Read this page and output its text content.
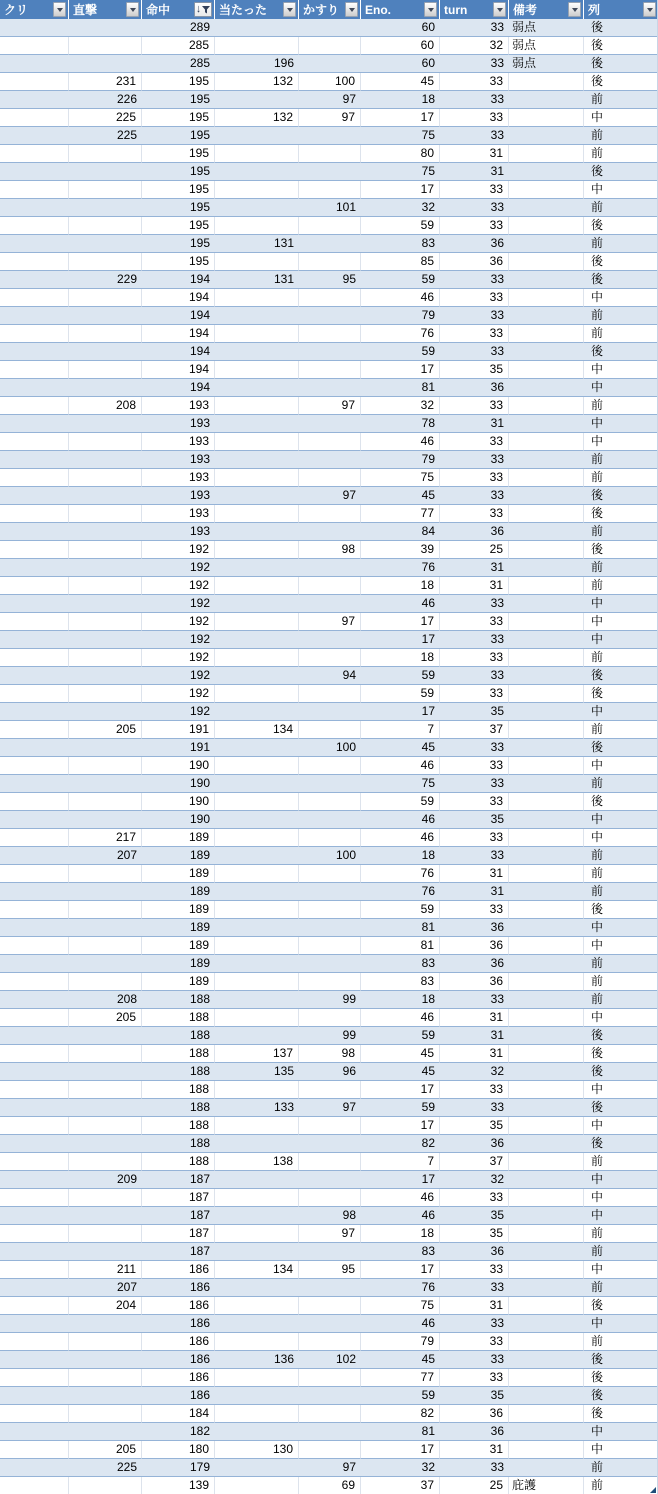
クリ	直撃	命中 ↓	当たった	かすり	Eno.	turn	備考	列

		289			60	33	弱点	後
		285			60	32	弱点	後
		285	196		60	33	弱点	後
	231	195	132	100	45	33		後
	226	195		97	18	33		前
	225	195	132	97	17	33		中
	225	195			75	33		前
		195			80	31		前
		195			75	31		後
		195			17	33		中
		195		101	32	33		前
		195			59	33		後
		195	131		83	36		前
		195			85	36		後
	229	194	131	95	59	33		後
		194			46	33		中
		194			79	33		前
		194			76	33		前
		194			59	33		後
		194			17	35		中
		194			81	36		中
	208	193		97	32	33		前
		193			78	31		中
		193			46	33		中
		193			79	33		前
		193			75	33		前
		193		97	45	33		後
		193			77	33		後
		193			84	36		前
		192		98	39	25		後
		192			76	31		前
		192			18	31		前
		192			46	33		中
		192		97	17	33		中
		192			17	33		中
		192			18	33		前
		192		94	59	33		後
		192			59	33		後
		192			17	35		中
	205	191	134		7	37		前
		191		100	45	33		後
		190			46	33		中
		190			75	33		前
		190			59	33		後
		190			46	35		中
	217	189			46	33		中
	207	189		100	18	33		前
		189			76	31		前
		189			76	31		前
		189			59	33		後
		189			81	36		中
		189			81	36		中
		189			83	36		前
		189			83	36		前
	208	188		99	18	33		前
	205	188			46	31		中
		188		99	59	31		後
		188	137	98	45	31		後
		188	135	96	45	32		後
		188			17	33		中
		188	133	97	59	33		後
		188			17	35		中
		188			82	36		後
		188	138		7	37		前
	209	187			17	32		中
		187			46	33		中
		187		98	46	35		中
		187		97	18	35		前
		187			83	36		前
	211	186	134	95	17	33		中
	207	186			76	33		前
	204	186			75	31		後
		186			46	33		中
		186			79	33		前
		186	136	102	45	33		後
		186			77	33		後
		186			59	35		後
		184			82	36		後
		182			81	36		中
	205	180	130		17	31		中
	225	179		97	32	33		前
		139		69	37	25	庇護	前
